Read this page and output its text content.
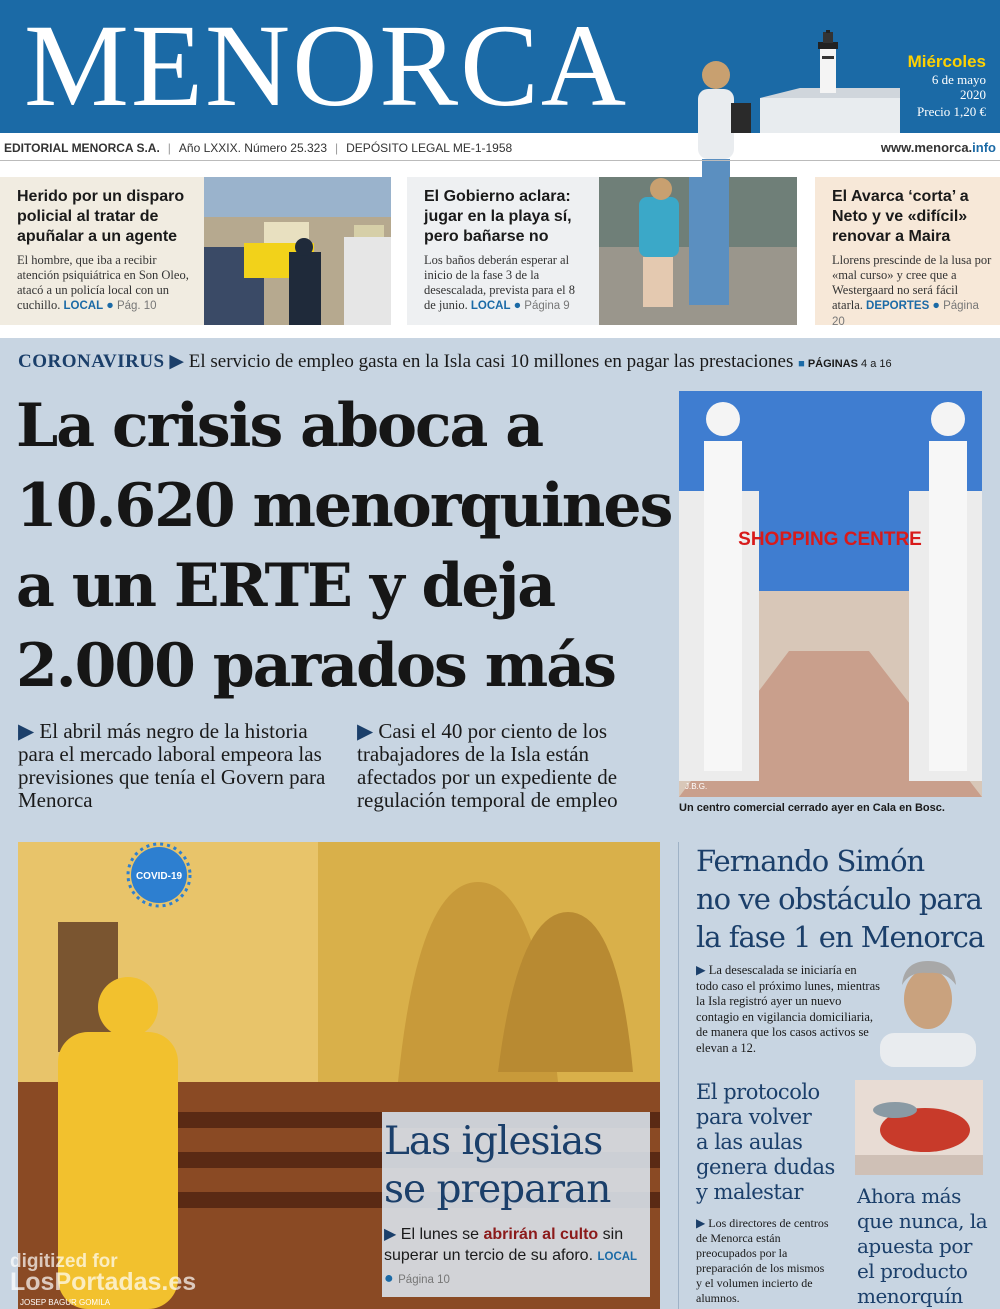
MENORCA	Miércoles
6 de mayo
2020
Precio 1,20 €
EDITORIAL MENORCA S.A. | Año LXXIX. Número 25.323 | DEPÓSITO LEGAL ME-1-1958	www.menorca.info
Herido por un disparo policial al tratar de apuñalar a un agente
El hombre, que iba a recibir atención psiquiátrica en Son Oleo, atacó a un policía local con un cuchillo. LOCAL ● Pág. 10
El Gobierno aclara: jugar en la playa sí, pero bañarse no
Los baños deberán esperar al inicio de la fase 3 de la desescalada, prevista para el 8 de junio. LOCAL ● Página 9
El Avarca ‘corta’ a Neto y ve «difícil» renovar a Maira
Llorens prescinde de la lusa por «mal curso» y cree que a Westergaard no será fácil atarla. DEPORTES ● Página 20
CORONAVIRUS ▶ El servicio de empleo gasta en la Isla casi 10 millones en pagar las prestaciones ■ PÁGINAS 4 a 16
La crisis aboca a
10.620 menorquines
a un ERTE y deja
2.000 parados más
▶ El abril más negro de la historia para el mercado laboral empeora las previsiones que tenía el Govern para Menorca
▶ Casi el 40 por ciento de los trabajadores de la Isla están afectados por un expediente de regulación temporal de empleo
SHOPPING CENTRE
J.B.G.
Un centro comercial cerrado ayer en Cala en Bosc.
COVID-19
JOSEP BAGUR GOMILA
Las iglesias
se preparan
▶ El lunes se abrirán al culto sin superar un tercio de su aforo. LOCAL ● Página 10
Fernando Simón
no ve obstáculo para
la fase 1 en Menorca
▶ La desescalada se iniciaría en todo caso el próximo lunes, mientras la Isla registró ayer un nuevo contagio en vigilancia domiciliaria, de manera que los casos activos se elevan a 12.
El protocolo
para volver
a las aulas
genera dudas
y malestar
▶ Los directores de centros de Menorca están preocupados por la preparación de los mismos y el volumen incierto de alumnos.
Ahora más
que nunca, la
apuesta por
el producto
menorquín
digitized for
LosPortadas.es
